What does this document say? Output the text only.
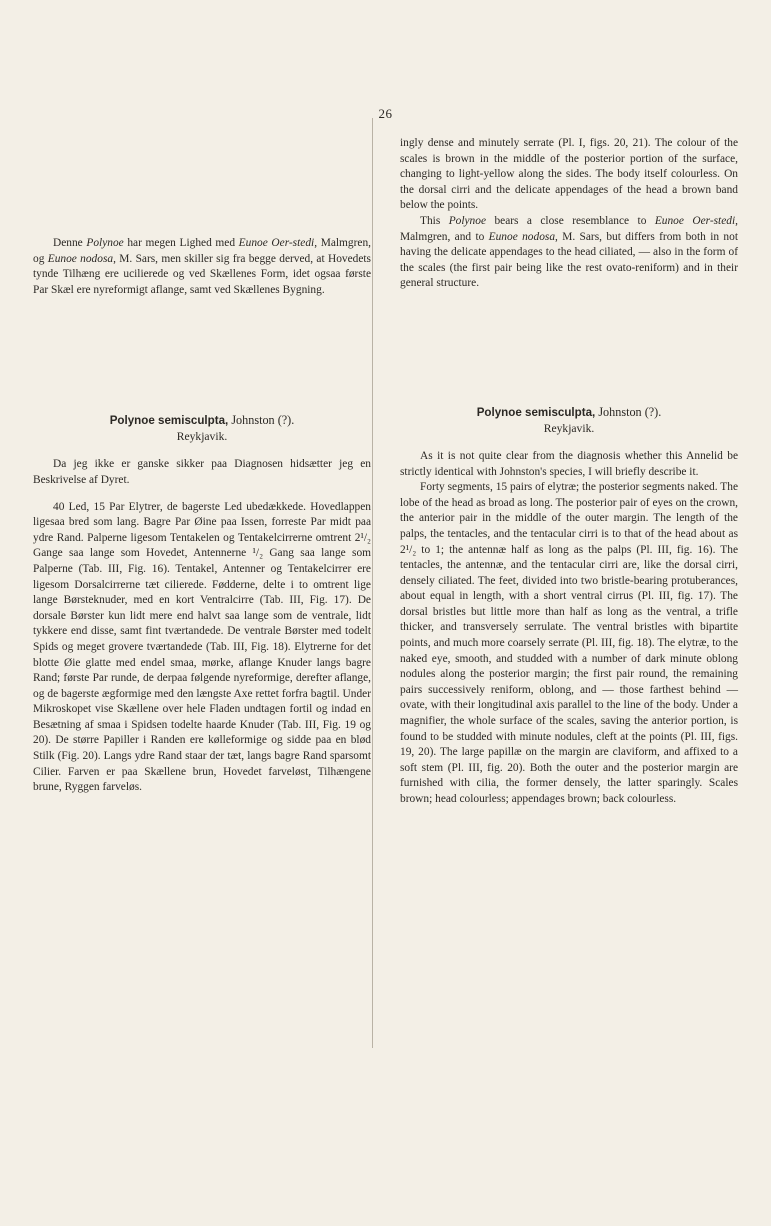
26

Denne Polynoe har megen Lighed med Eunoe Oer-stedi, Malmgren, og Eunoe nodosa, M. Sars, men skiller sig fra begge derved, at Hovedets tynde Tilhæng ere ucilierede og ved Skællenes Form, idet ogsaa første Par Skæl ere nyreformigt aflange, samt ved Skællenes Bygning.

Polynoe semisculpta, Johnston (?).

Reykjavik.

Da jeg ikke er ganske sikker paa Diagnosen hidsætter jeg en Beskrivelse af Dyret.

40 Led, 15 Par Elytrer, de bagerste Led ubedækkede. Hovedlappen ligesaa bred som lang. Bagre Par Øine paa Issen, forreste Par midt paa ydre Rand. Palperne ligesom Tentakelen og Tentakelcirrerne omtrent 2¹/₂ Gange saa lange som Hovedet, Antennerne ¹/₂ Gang saa lange som Palperne (Tab. III, Fig. 16). Tentakel, Antenner og Tentakelcirrer ere ligesom Dorsalcirrerne tæt cilierede. Fødderne, delte i to omtrent lige lange Børsteknuder, med en kort Ventralcirre (Tab. III, Fig. 17). De dorsale Børster kun lidt mere end halvt saa lange som de ventrale, lidt tykkere end disse, samt fint tværtandede. De ventrale Børster med todelt Spids og meget grovere tværtandede (Tab. III, Fig. 18). Elytrerne for det blotte Øie glatte med endel smaa, mørke, aflange Knuder langs bagre Rand; første Par runde, de derpaa følgende nyreformige, derefter aflange, og de bagerste ægformige med den længste Axe rettet forfra bagtil. Under Mikroskopet vise Skællene over hele Fladen undtagen fortil og indad en Besætning af smaa i Spidsen todelte haarde Knuder (Tab. III, Fig. 19 og 20). De større Papiller i Randen ere kølleformige og sidde paa en blød Stilk (Fig. 20). Langs ydre Rand staar der tæt, langs bagre Rand sparsomt Cilier. Farven er paa Skællene brun, Hovedet farveløst, Tilhængene brune, Ryggen farveløs.

ingly dense and minutely serrate (Pl. I, figs. 20, 21). The colour of the scales is brown in the middle of the posterior portion of the surface, changing to light-yellow along the sides. The body itself colourless. On the dorsal cirri and the delicate appendages of the head a brown band below the points.

This Polynoe bears a close resemblance to Eunoe Oer-stedi, Malmgren, and to Eunoe nodosa, M. Sars, but differs from both in not having the delicate appendages to the head ciliated, — also in the form of the scales (the first pair being like the rest ovato-reniform) and in their general structure.

Polynoe semisculpta, Johnston (?).

Reykjavik.

As it is not quite clear from the diagnosis whether this Annelid be strictly identical with Johnston's species, I will briefly describe it.

Forty segments, 15 pairs of elytræ; the posterior segments naked. The lobe of the head as broad as long. The posterior pair of eyes on the crown, the anterior pair in the middle of the outer margin. The length of the palps, the tentacles, and the tentacular cirri is to that of the head about as 2¹/₂ to 1; the antennæ half as long as the palps (Pl. III, fig. 16). The tentacles, the antennæ, and the tentacular cirri are, like the dorsal cirri, densely ciliated. The feet, divided into two bristle-bearing protuberances, about equal in length, with a short ventral cirrus (Pl. III, fig. 17). The dorsal bristles but little more than half as long as the ventral, a trifle thicker, and transversely serrulate. The ventral bristles with bipartite points, and much more coarsely serrate (Pl. III, fig. 18). The elytræ, to the naked eye, smooth, and studded with a number of dark minute oblong nodules along the posterior margin; the first pair round, the remaining pairs successively reniform, oblong, and — those farthest behind — ovate, with their longitudinal axis parallel to the line of the body. Under a magnifier, the whole surface of the scales, saving the anterior portion, is found to be studded with minute nodules, cleft at the points (Pl. III, figs. 19, 20). The large papillæ on the margin are claviform, and affixed to a soft stem (Pl. III, fig. 20). Both the outer and the posterior margin are furnished with cilia, the former densely, the latter sparingly. Scales brown; head colourless; appendages brown; back colourless.
